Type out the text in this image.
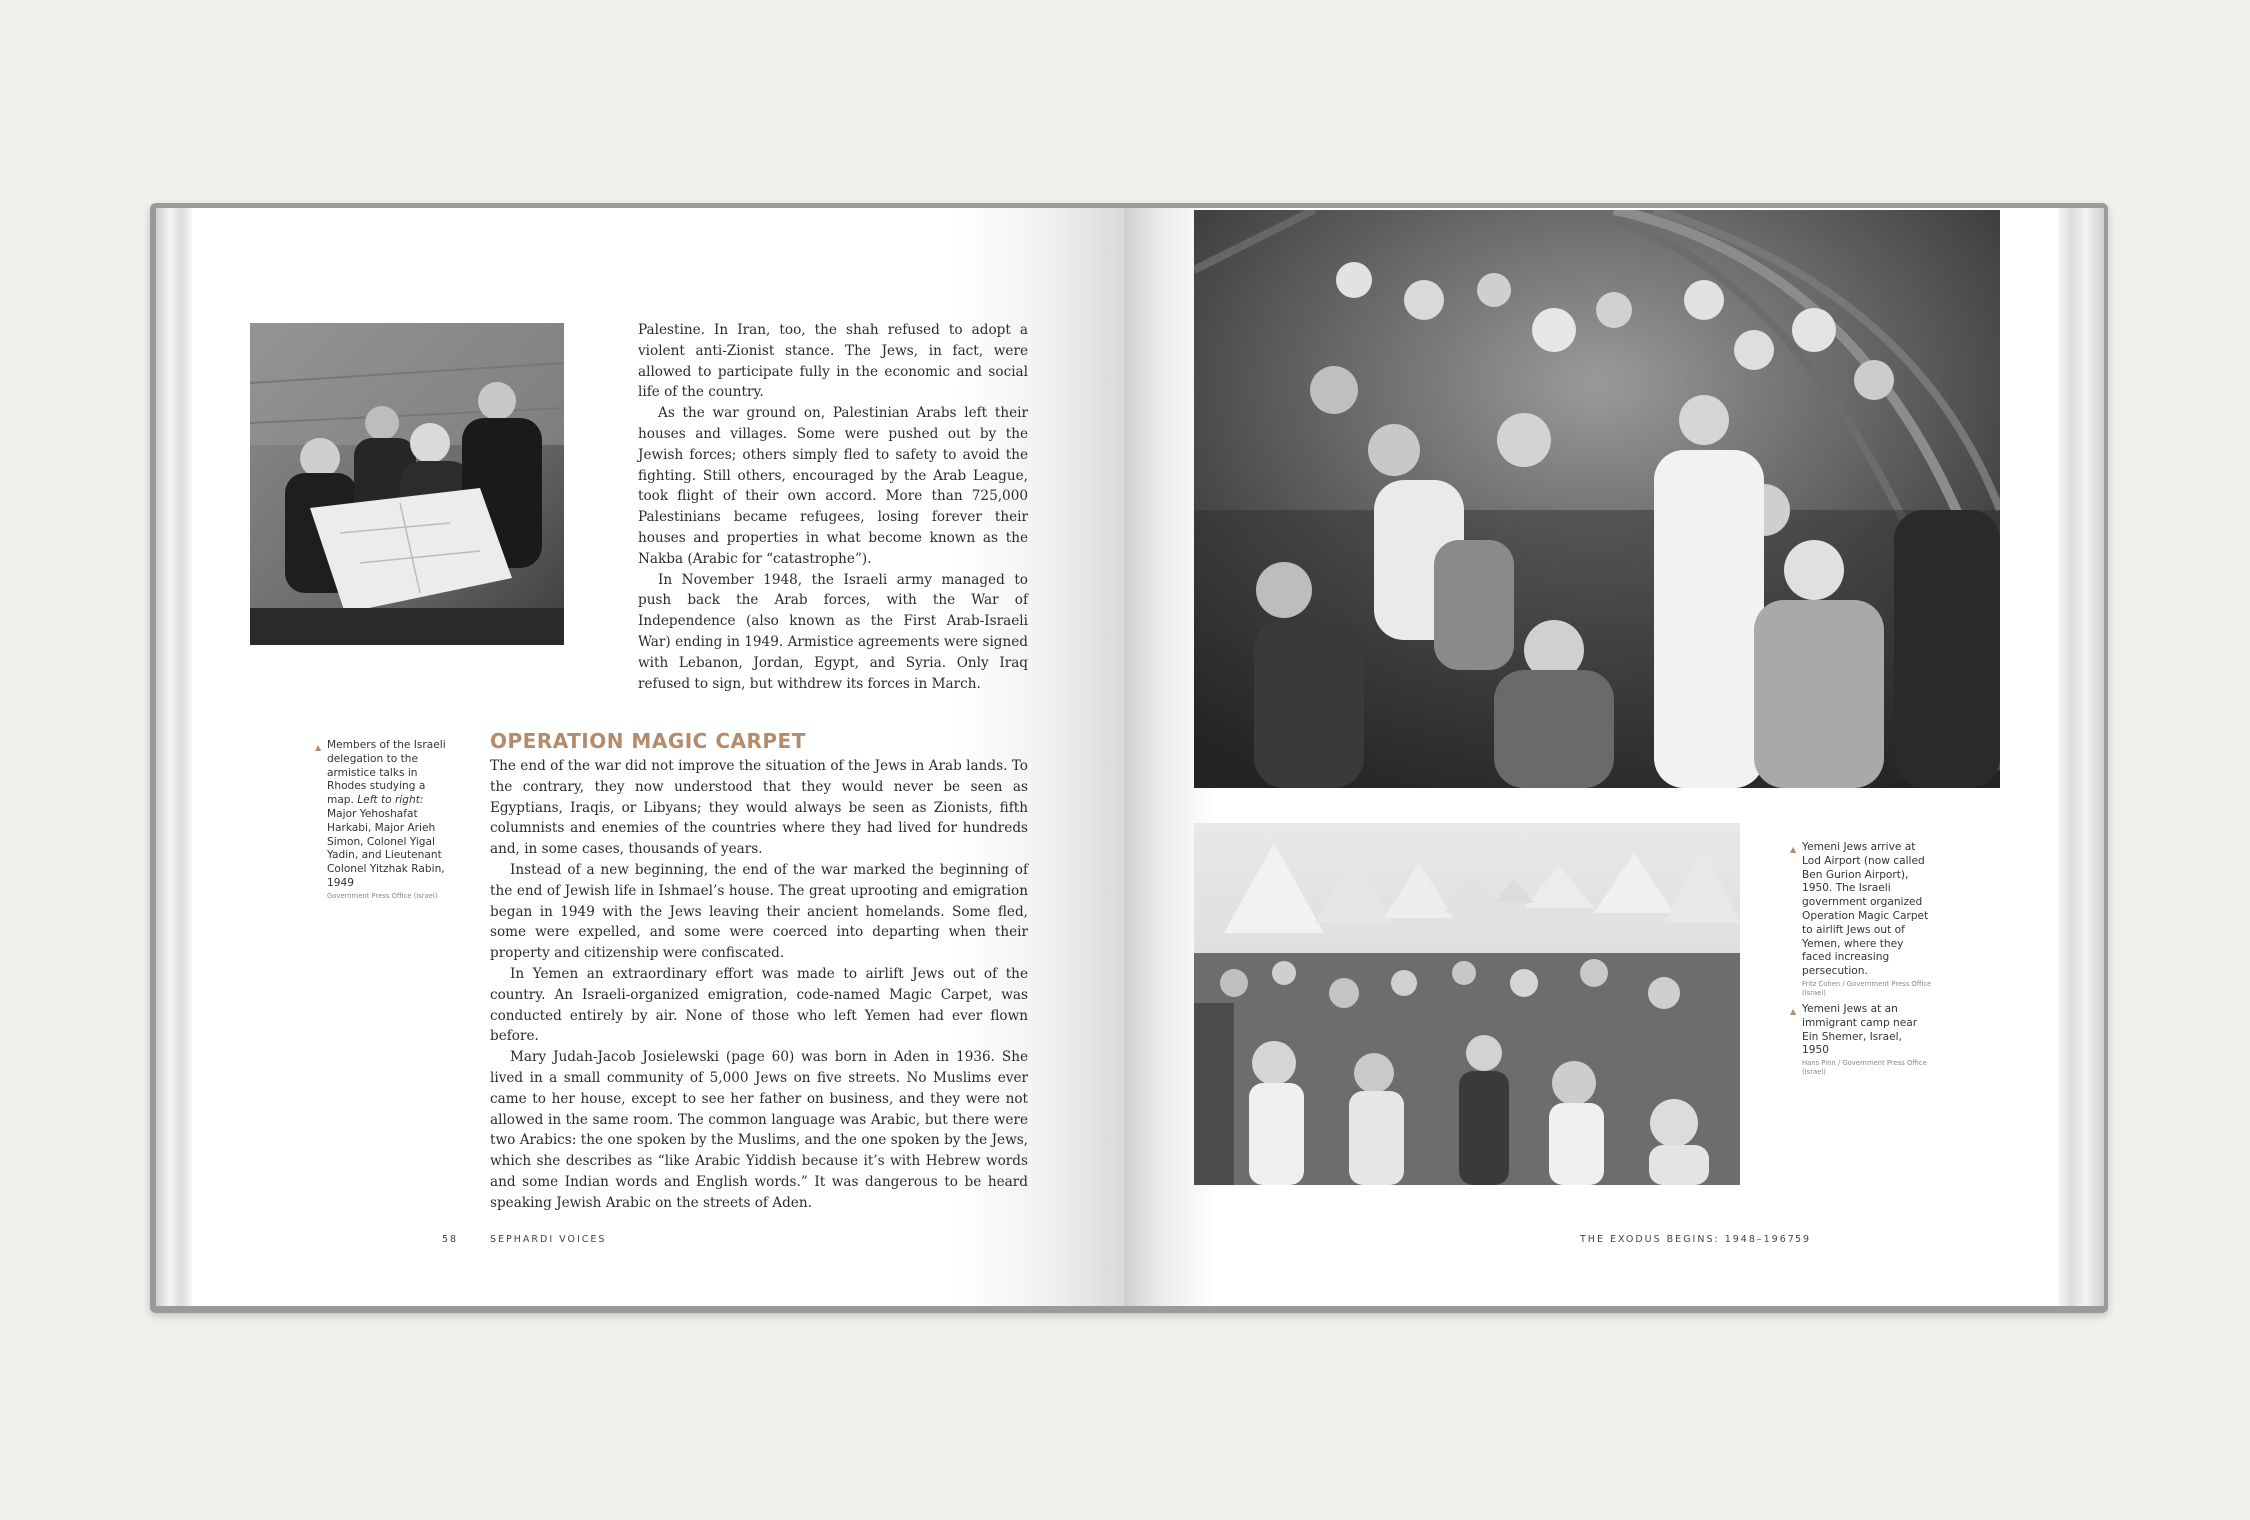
Palestine. In Iran, too, the shah refused to adopt a violent anti-Zionist stance. The Jews, in fact, were allowed to participate fully in the economic and social life of the country.

As the war ground on, Palestinian Arabs left their houses and villages. Some were pushed out by the Jewish forces; others simply fled to safety to avoid the fighting. Still others, encouraged by the Arab League, took flight of their own accord. More than 725,000 Palestinians became refugees, losing forever their houses and properties in what become known as the Nakba (Arabic for “catastrophe”).

In November 1948, the Israeli army managed to push back the Arab forces, with the War of Independence (also known as the First Arab-Israeli War) ending in 1949. Armistice agreements were signed with Lebanon, Jordan, Egypt, and Syria. Only Iraq refused to sign, but withdrew its forces in March.

▲ Members of the Israeli delegation to the armistice talks in Rhodes studying a map. Left to right: Major Yehoshafat Harkabi, Major Arieh Simon, Colonel Yigal Yadin, and Lieutenant Colonel Yitzhak Rabin, 1949
Government Press Office (Israel)
OPERATION MAGIC CARPET

The end of the war did not improve the situation of the Jews in Arab lands. To the contrary, they now understood that they would never be seen as Egyptians, Iraqis, or Libyans; they would always be seen as Zionists, fifth columnists and enemies of the countries where they had lived for hundreds and, in some cases, thousands of years.

Instead of a new beginning, the end of the war marked the beginning of the end of Jewish life in Ishmael’s house. The great uprooting and emigration began in 1949 with the Jews leaving their ancient homelands. Some fled, some were expelled, and some were coerced into departing when their property and citizenship were confiscated.

In Yemen an extraordinary effort was made to airlift Jews out of the country. An Israeli-organized emigration, code-named Magic Carpet, was conducted entirely by air. None of those who left Yemen had ever flown before.

Mary Judah-Jacob Josielewski (page 60) was born in Aden in 1936. She lived in a small community of 5,000 Jews on five streets. No Muslims ever came to her house, except to see her father on business, and they were not allowed in the same room. The common language was Arabic, but there were two Arabics: the one spoken by the Muslims, and the one spoken by the Jews, which she describes as “like Arabic Yiddish because it’s with Hebrew words and some Indian words and English words.” It was dangerous to be heard speaking Jewish Arabic on the streets of Aden.

58	SEPHARDI VOICES
▲ Yemeni Jews arrive at Lod Airport (now called Ben Gurion Airport), 1950. The Israeli government organized Operation Magic Carpet to airlift Jews out of Yemen, where they faced increasing persecution.
Fritz Cohen / Government Press Office (Israel)
▲ Yemeni Jews at an immigrant camp near Ein Shemer, Israel, 1950
Hans Pinn / Government Press Office (Israel)
THE EXODUS BEGINS: 1948–1967 59
